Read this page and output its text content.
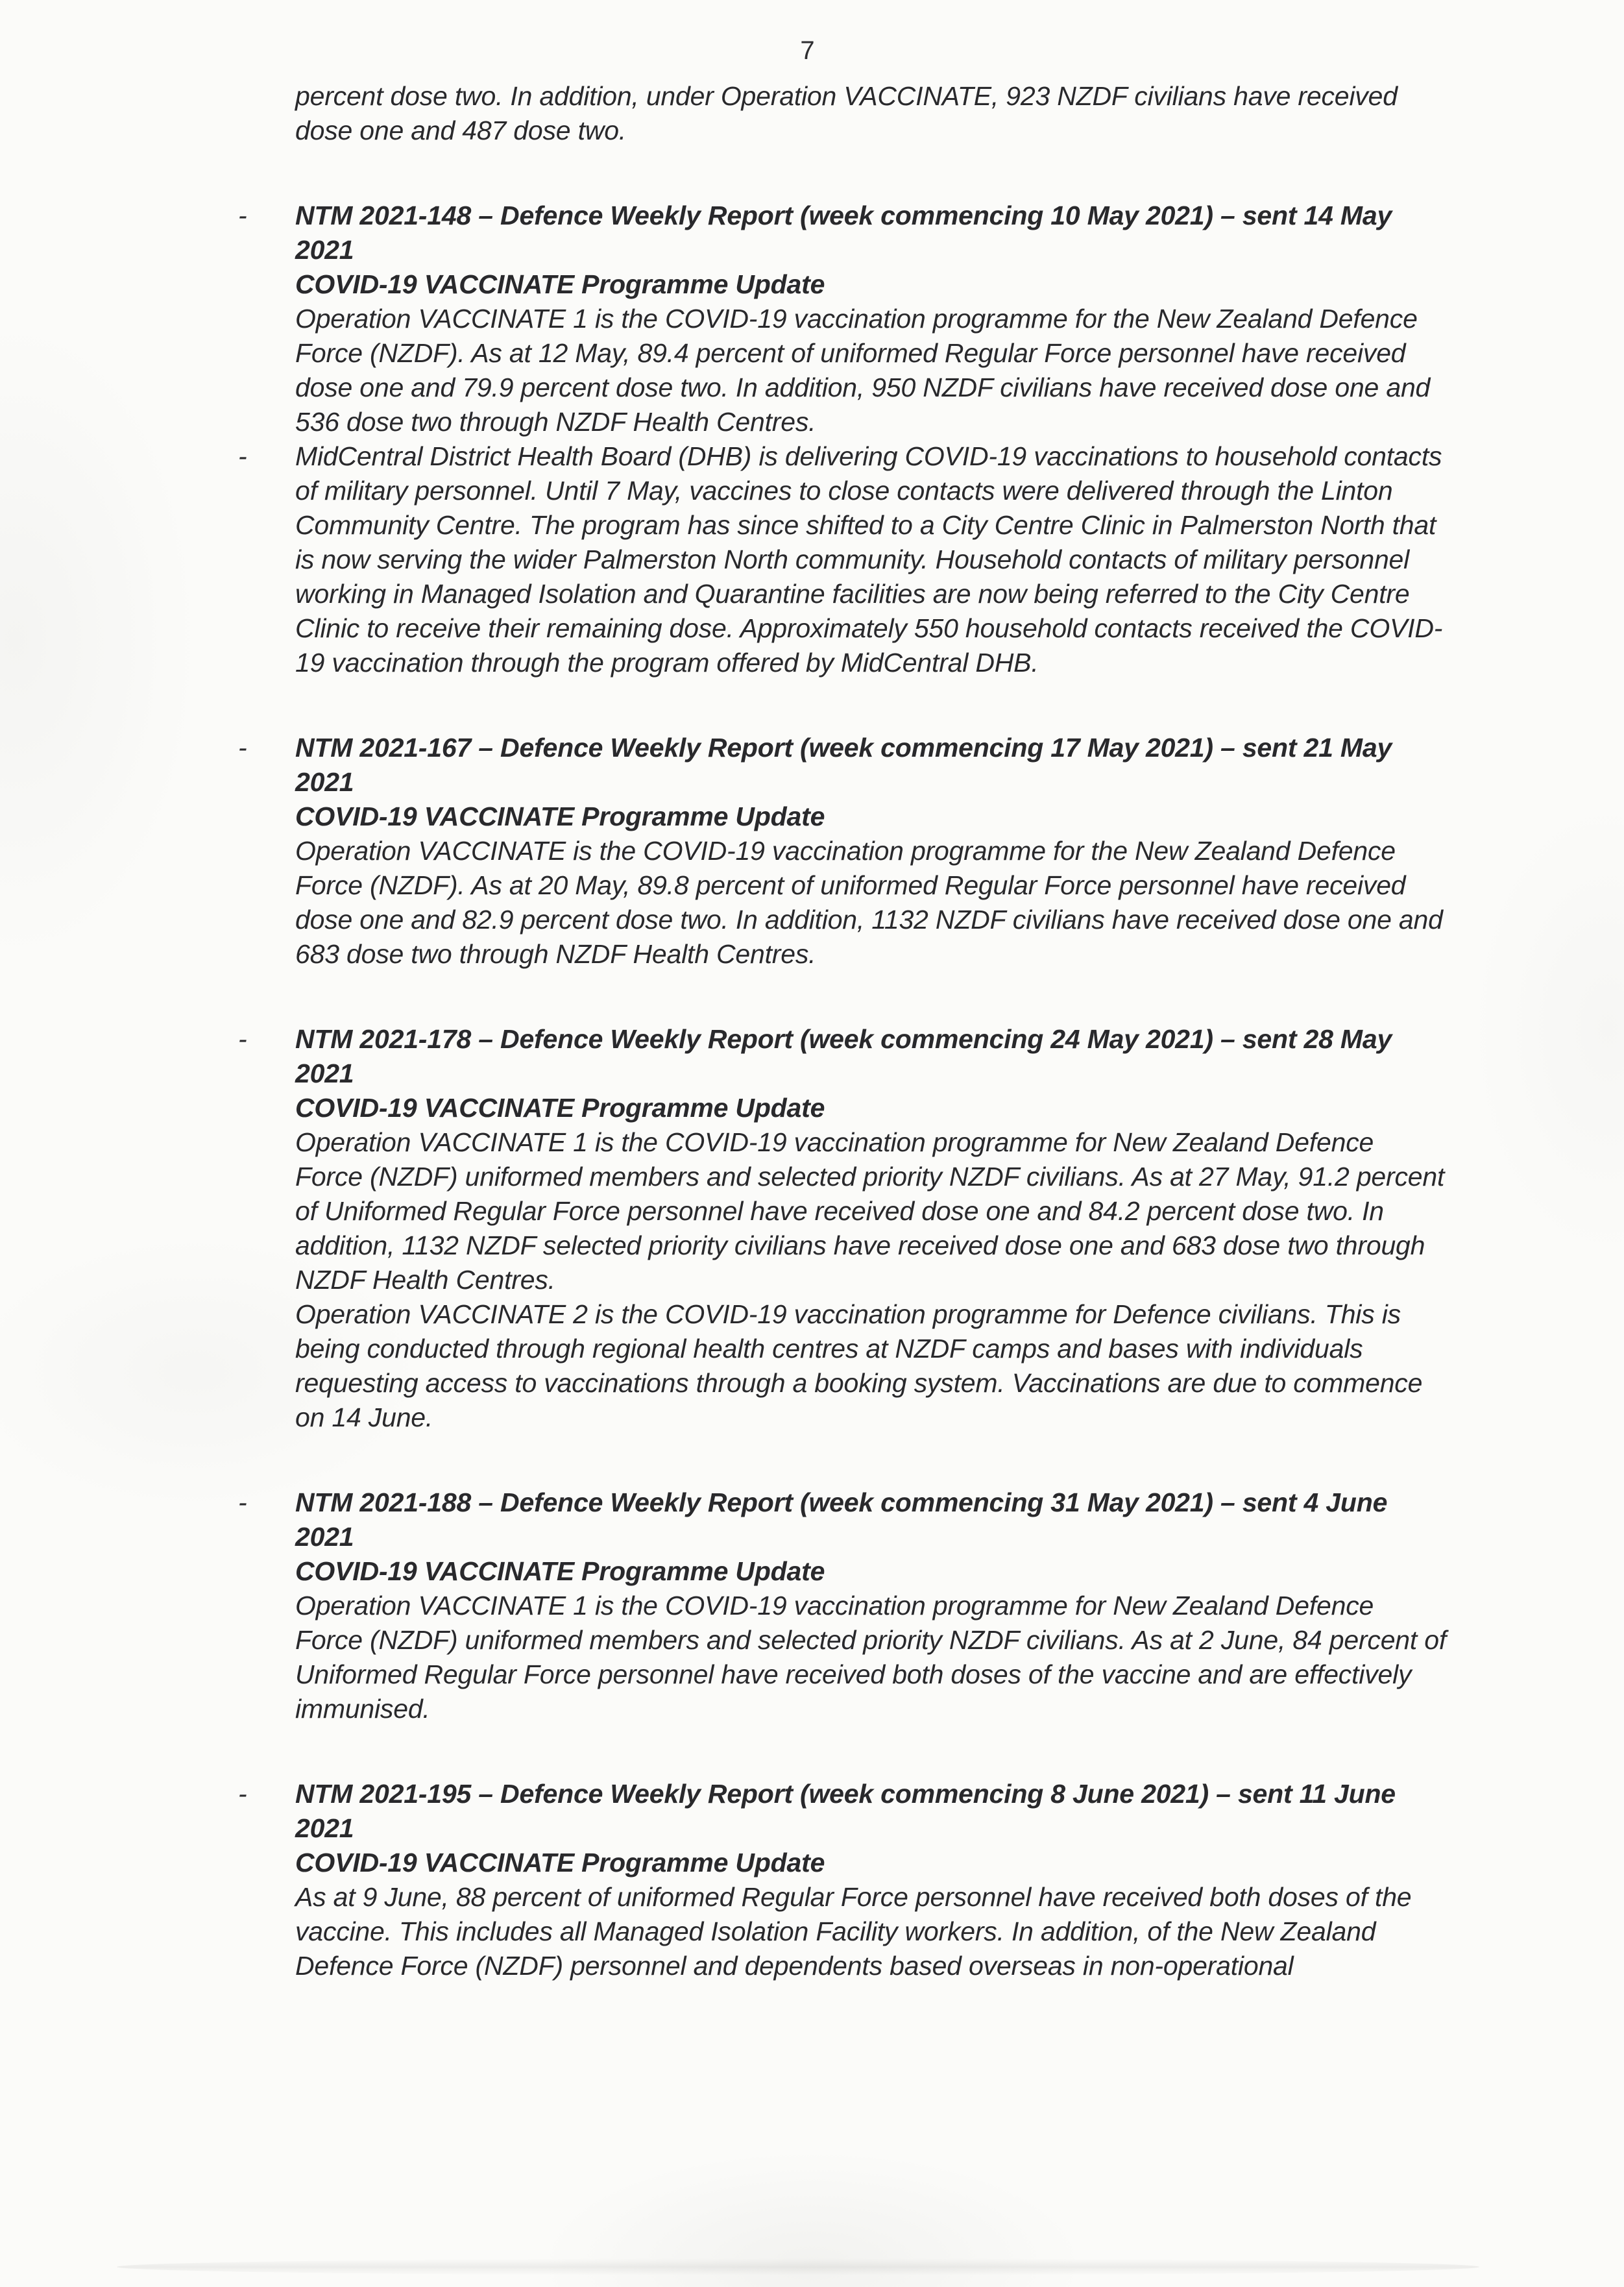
7

percent dose two. In addition, under Operation VACCINATE, 923 NZDF civilians have received dose one and 487 dose two.

-	NTM 2021-148 – Defence Weekly Report (week commencing 10 May 2021) – sent 14 May 2021

COVID-19 VACCINATE Programme Update

Operation VACCINATE 1 is the COVID-19 vaccination programme for the New Zealand Defence Force (NZDF). As at 12 May, 89.4 percent of uniformed Regular Force personnel have received dose one and 79.9 percent dose two. In addition, 950 NZDF civilians have received dose one and 536 dose two through NZDF Health Centres.

-	MidCentral District Health Board (DHB) is delivering COVID-19 vaccinations to household contacts of military personnel. Until 7 May, vaccines to close contacts were delivered through the Linton Community Centre. The program has since shifted to a City Centre Clinic in Palmerston North that is now serving the wider Palmerston North community. Household contacts of military personnel working in Managed Isolation and Quarantine facilities are now being referred to the City Centre Clinic to receive their remaining dose. Approximately 550 household contacts received the COVID-19 vaccination through the program offered by MidCentral DHB.

-	NTM 2021-167 – Defence Weekly Report (week commencing 17 May 2021) – sent 21 May 2021

COVID-19 VACCINATE Programme Update

Operation VACCINATE is the COVID-19 vaccination programme for the New Zealand Defence Force (NZDF). As at 20 May, 89.8 percent of uniformed Regular Force personnel have received dose one and 82.9 percent dose two. In addition, 1132 NZDF civilians have received dose one and 683 dose two through NZDF Health Centres.

-	NTM 2021-178 – Defence Weekly Report (week commencing 24 May 2021) – sent 28 May 2021

COVID-19 VACCINATE Programme Update

Operation VACCINATE 1 is the COVID-19 vaccination programme for New Zealand Defence Force (NZDF) uniformed members and selected priority NZDF civilians. As at 27 May, 91.2 percent of Uniformed Regular Force personnel have received dose one and 84.2 percent dose two. In addition, 1132 NZDF selected priority civilians have received dose one and 683 dose two through NZDF Health Centres.

Operation VACCINATE 2 is the COVID-19 vaccination programme for Defence civilians. This is being conducted through regional health centres at NZDF camps and bases with individuals requesting access to vaccinations through a booking system. Vaccinations are due to commence on 14 June.

-	NTM 2021-188 – Defence Weekly Report (week commencing 31 May 2021) – sent 4 June 2021

COVID-19 VACCINATE Programme Update

Operation VACCINATE 1 is the COVID-19 vaccination programme for New Zealand Defence Force (NZDF) uniformed members and selected priority NZDF civilians. As at 2 June, 84 percent of Uniformed Regular Force personnel have received both doses of the vaccine and are effectively immunised.

-	NTM 2021-195 – Defence Weekly Report (week commencing 8 June 2021) – sent 11 June 2021

COVID-19 VACCINATE Programme Update

As at 9 June, 88 percent of uniformed Regular Force personnel have received both doses of the vaccine. This includes all Managed Isolation Facility workers. In addition, of the New Zealand Defence Force (NZDF) personnel and dependents based overseas in non-operational
